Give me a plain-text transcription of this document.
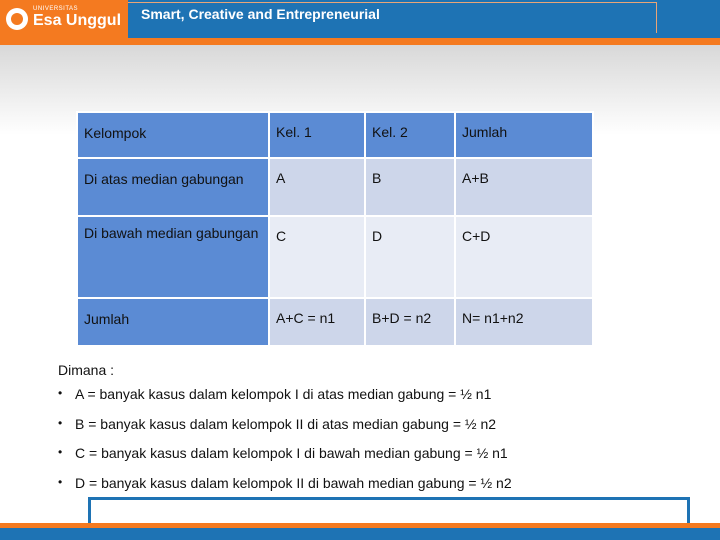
UNIVERSITAS
Esa Unggul Smart, Creative and Entrepreneurial
Kelompok	Kel. 1	Kel. 2	Jumlah
Di atas median gabungan	A	B	A+B
Di bawah median gabungan	C	D	C+D
Jumlah	A+C = n1	B+D = n2	N= n1+n2
Dimana :
• A = banyak kasus dalam kelompok I di atas median gabung = ½ n1
• B = banyak kasus dalam kelompok II di atas median gabung = ½ n2
• C = banyak kasus dalam kelompok I di bawah median gabung = ½ n1
• D = banyak kasus dalam kelompok II di bawah median gabung = ½ n2
